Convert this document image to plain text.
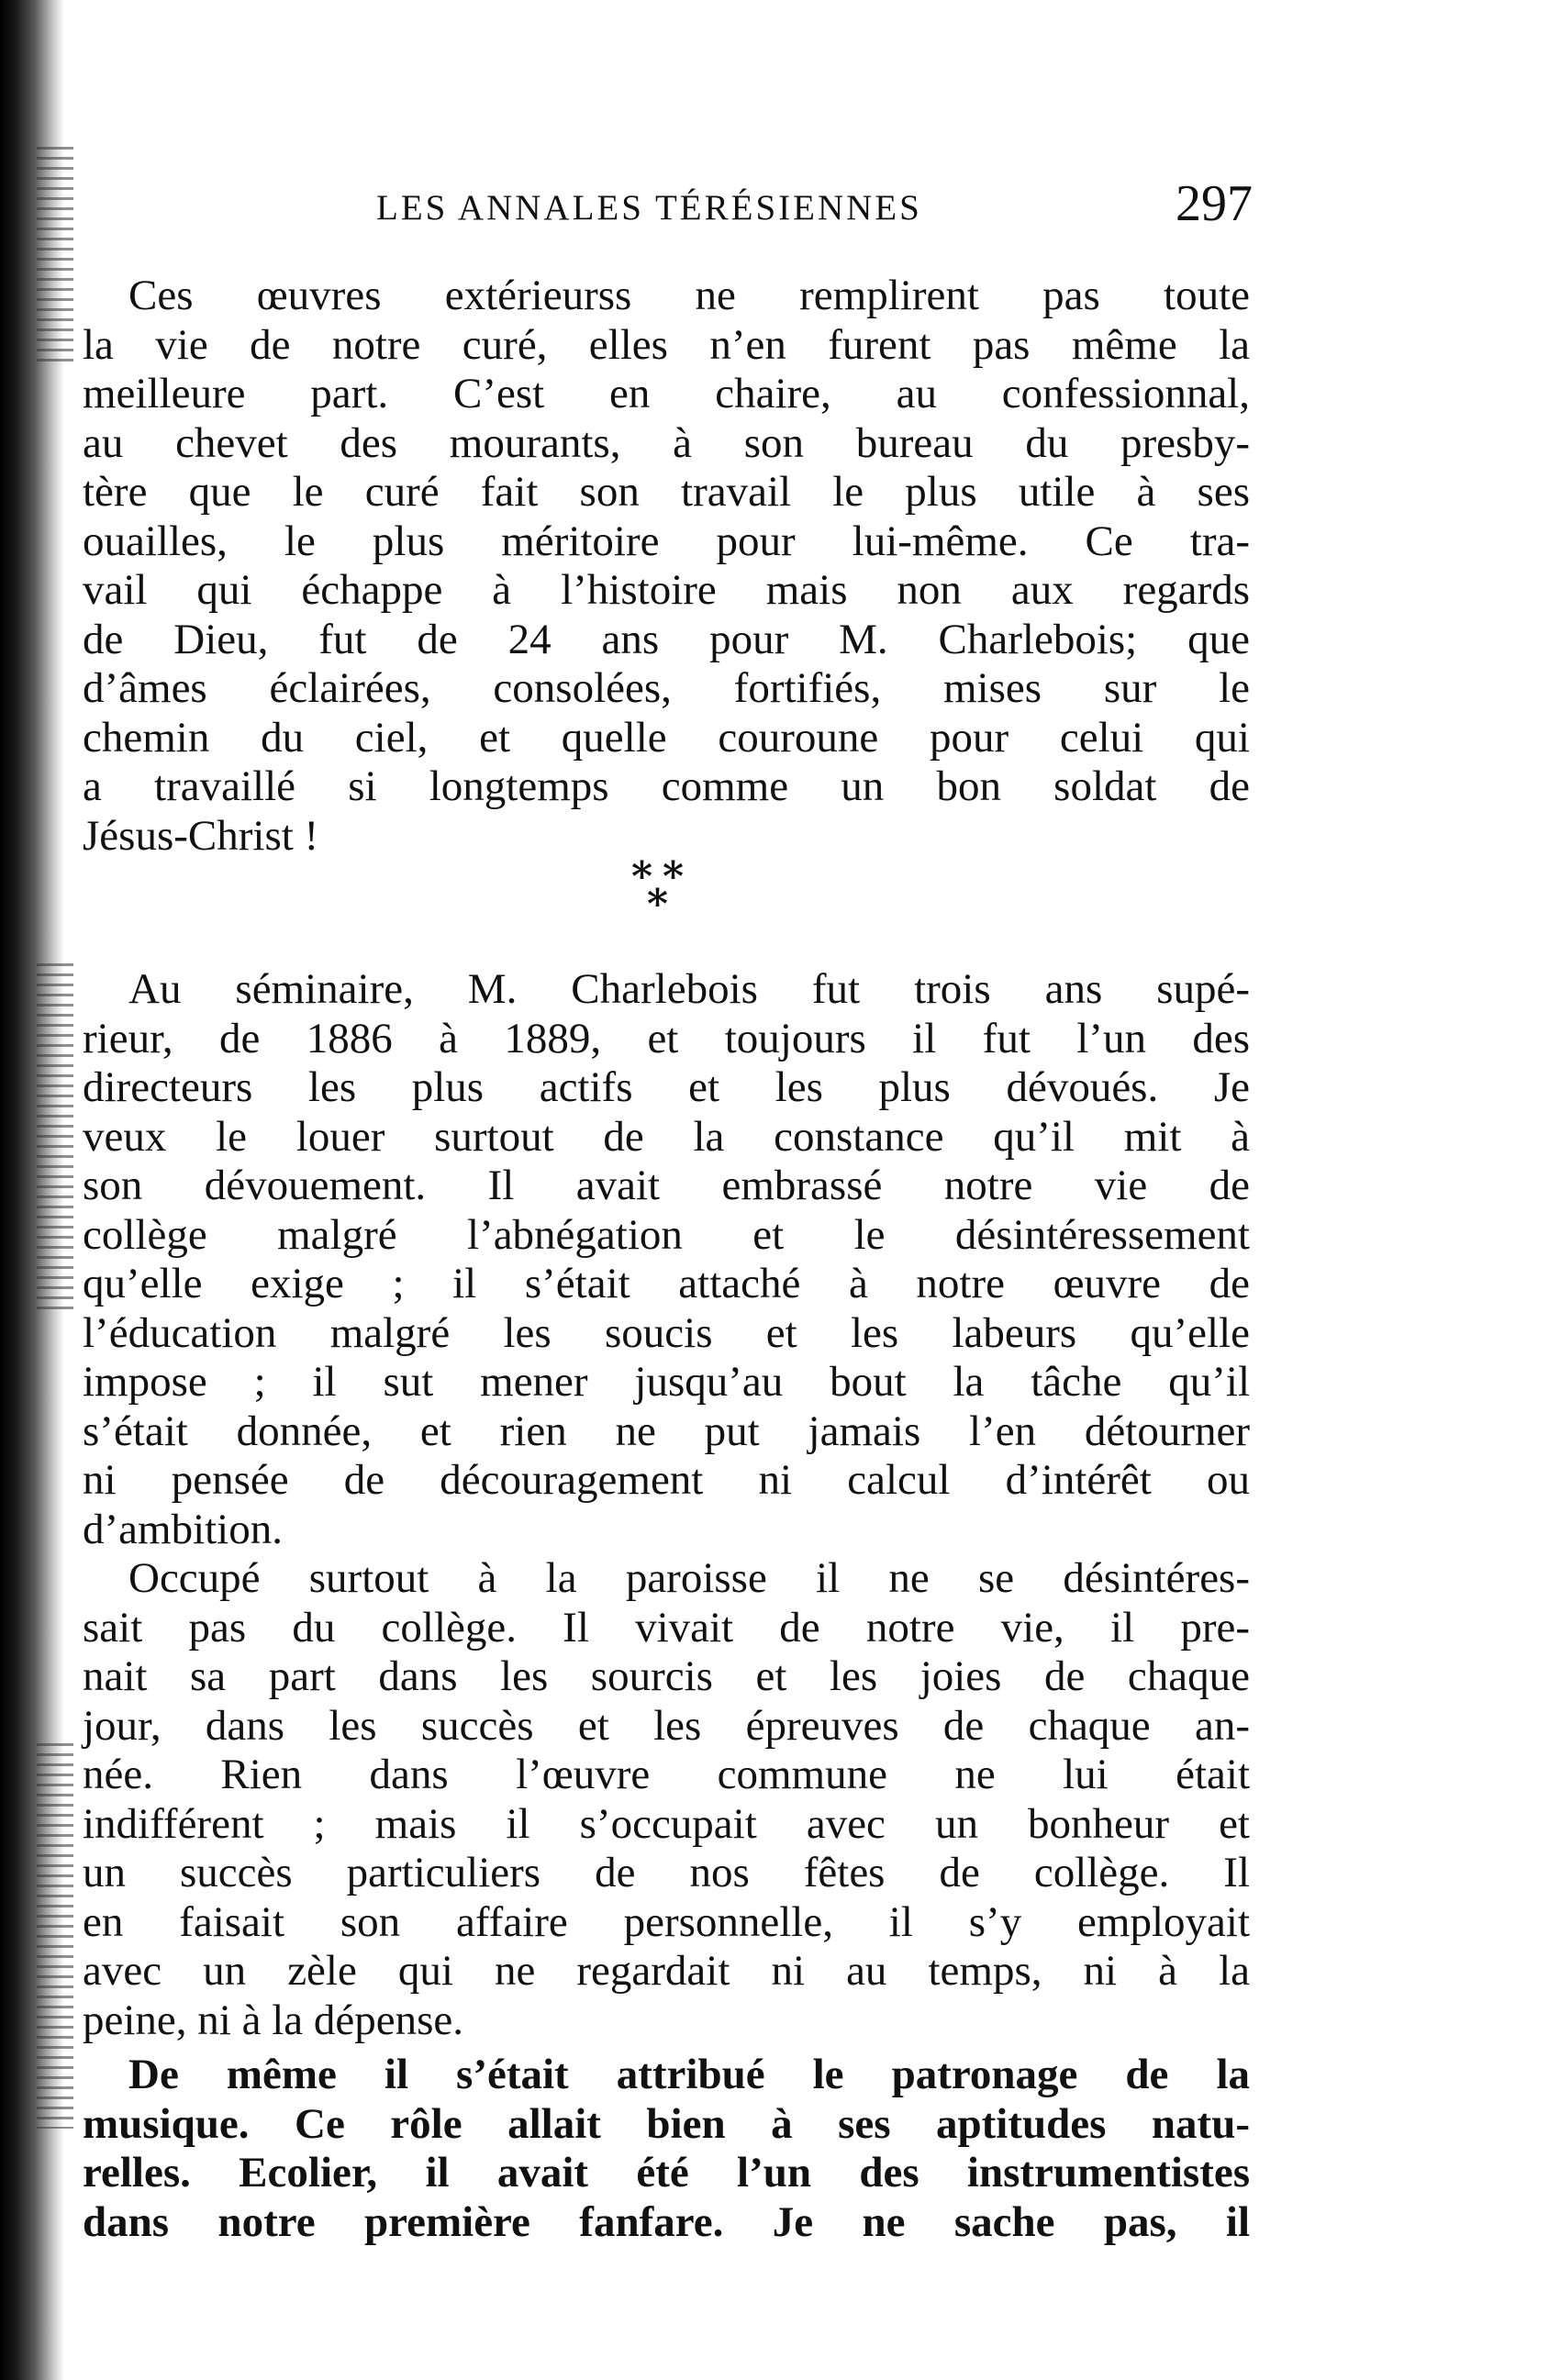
LES ANNALES TÉRÉSIENNES	297

Ces œuvres extérieurss ne remplirent pas toute
la vie de notre curé, elles n’en furent pas même la
meilleure part. C’est en chaire, au confessionnal,
au chevet des mourants, à son bureau du presby-
tère que le curé fait son travail le plus utile à ses
ouailles, le plus méritoire pour lui-même. Ce tra-
vail qui échappe à l’histoire mais non aux regards
de Dieu, fut de 24 ans pour M. Charlebois; que
d’âmes éclairées, consolées, fortifiés, mises sur le
chemin du ciel, et quelle couroune pour celui qui
a travaillé si longtemps comme un bon soldat de
Jésus-Christ !

* *
*

Au séminaire, M. Charlebois fut trois ans supé-
rieur, de 1886 à 1889, et toujours il fut l’un des
directeurs les plus actifs et les plus dévoués. Je
veux le louer surtout de la constance qu’il mit à
son dévouement. Il avait embrassé notre vie de
collège malgré l’abnégation et le désintéressement
qu’elle exige ; il s’était attaché à notre œuvre de
l’éducation malgré les soucis et les labeurs qu’elle
impose ; il sut mener jusqu’au bout la tâche qu’il
s’était donnée, et rien ne put jamais l’en détourner
ni pensée de découragement ni calcul d’intérêt ou
d’ambition.

Occupé surtout à la paroisse il ne se désintéres-
sait pas du collège. Il vivait de notre vie, il pre-
nait sa part dans les sourcis et les joies de chaque
jour, dans les succès et les épreuves de chaque an-
née. Rien dans l’œuvre commune ne lui était
indifférent ; mais il s’occupait avec un bonheur et
un succès particuliers de nos fêtes de collège. Il
en faisait son affaire personnelle, il s’y employait
avec un zèle qui ne regardait ni au temps, ni à la
peine, ni à la dépense.

De même il s’était attribué le patronage de la
musique. Ce rôle allait bien à ses aptitudes natu-
relles. Ecolier, il avait été l’un des instrumentistes
dans notre première fanfare. Je ne sache pas, il
